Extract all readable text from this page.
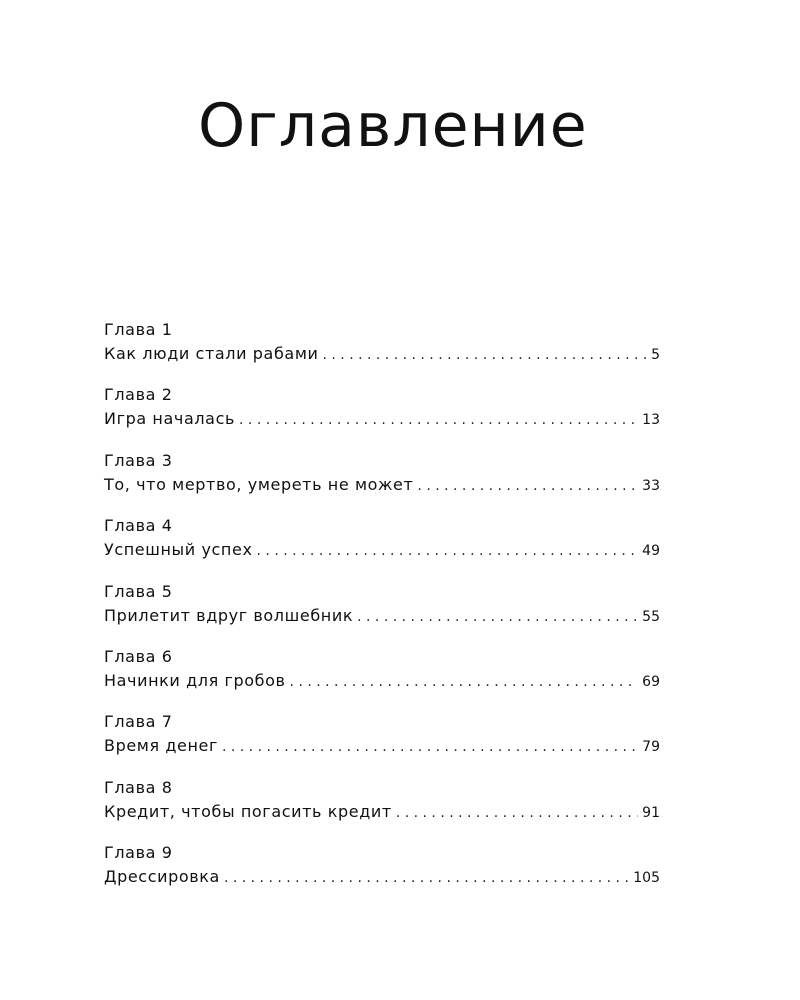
Оглавление
Глава 1
Как люди стали рабами . . .	5
Глава 2
Игра началась . . .	13
Глава 3
То, что мертво, умереть не может . . .	33
Глава 4
Успешный успех . . .	49
Глава 5
Прилетит вдруг волшебник . . .	55
Глава 6
Начинки для гробов . . .	69
Глава 7
Время денег . . .	79
Глава 8
Кредит, чтобы погасить кредит . . .	91
Глава 9
Дрессировка . . .	105
